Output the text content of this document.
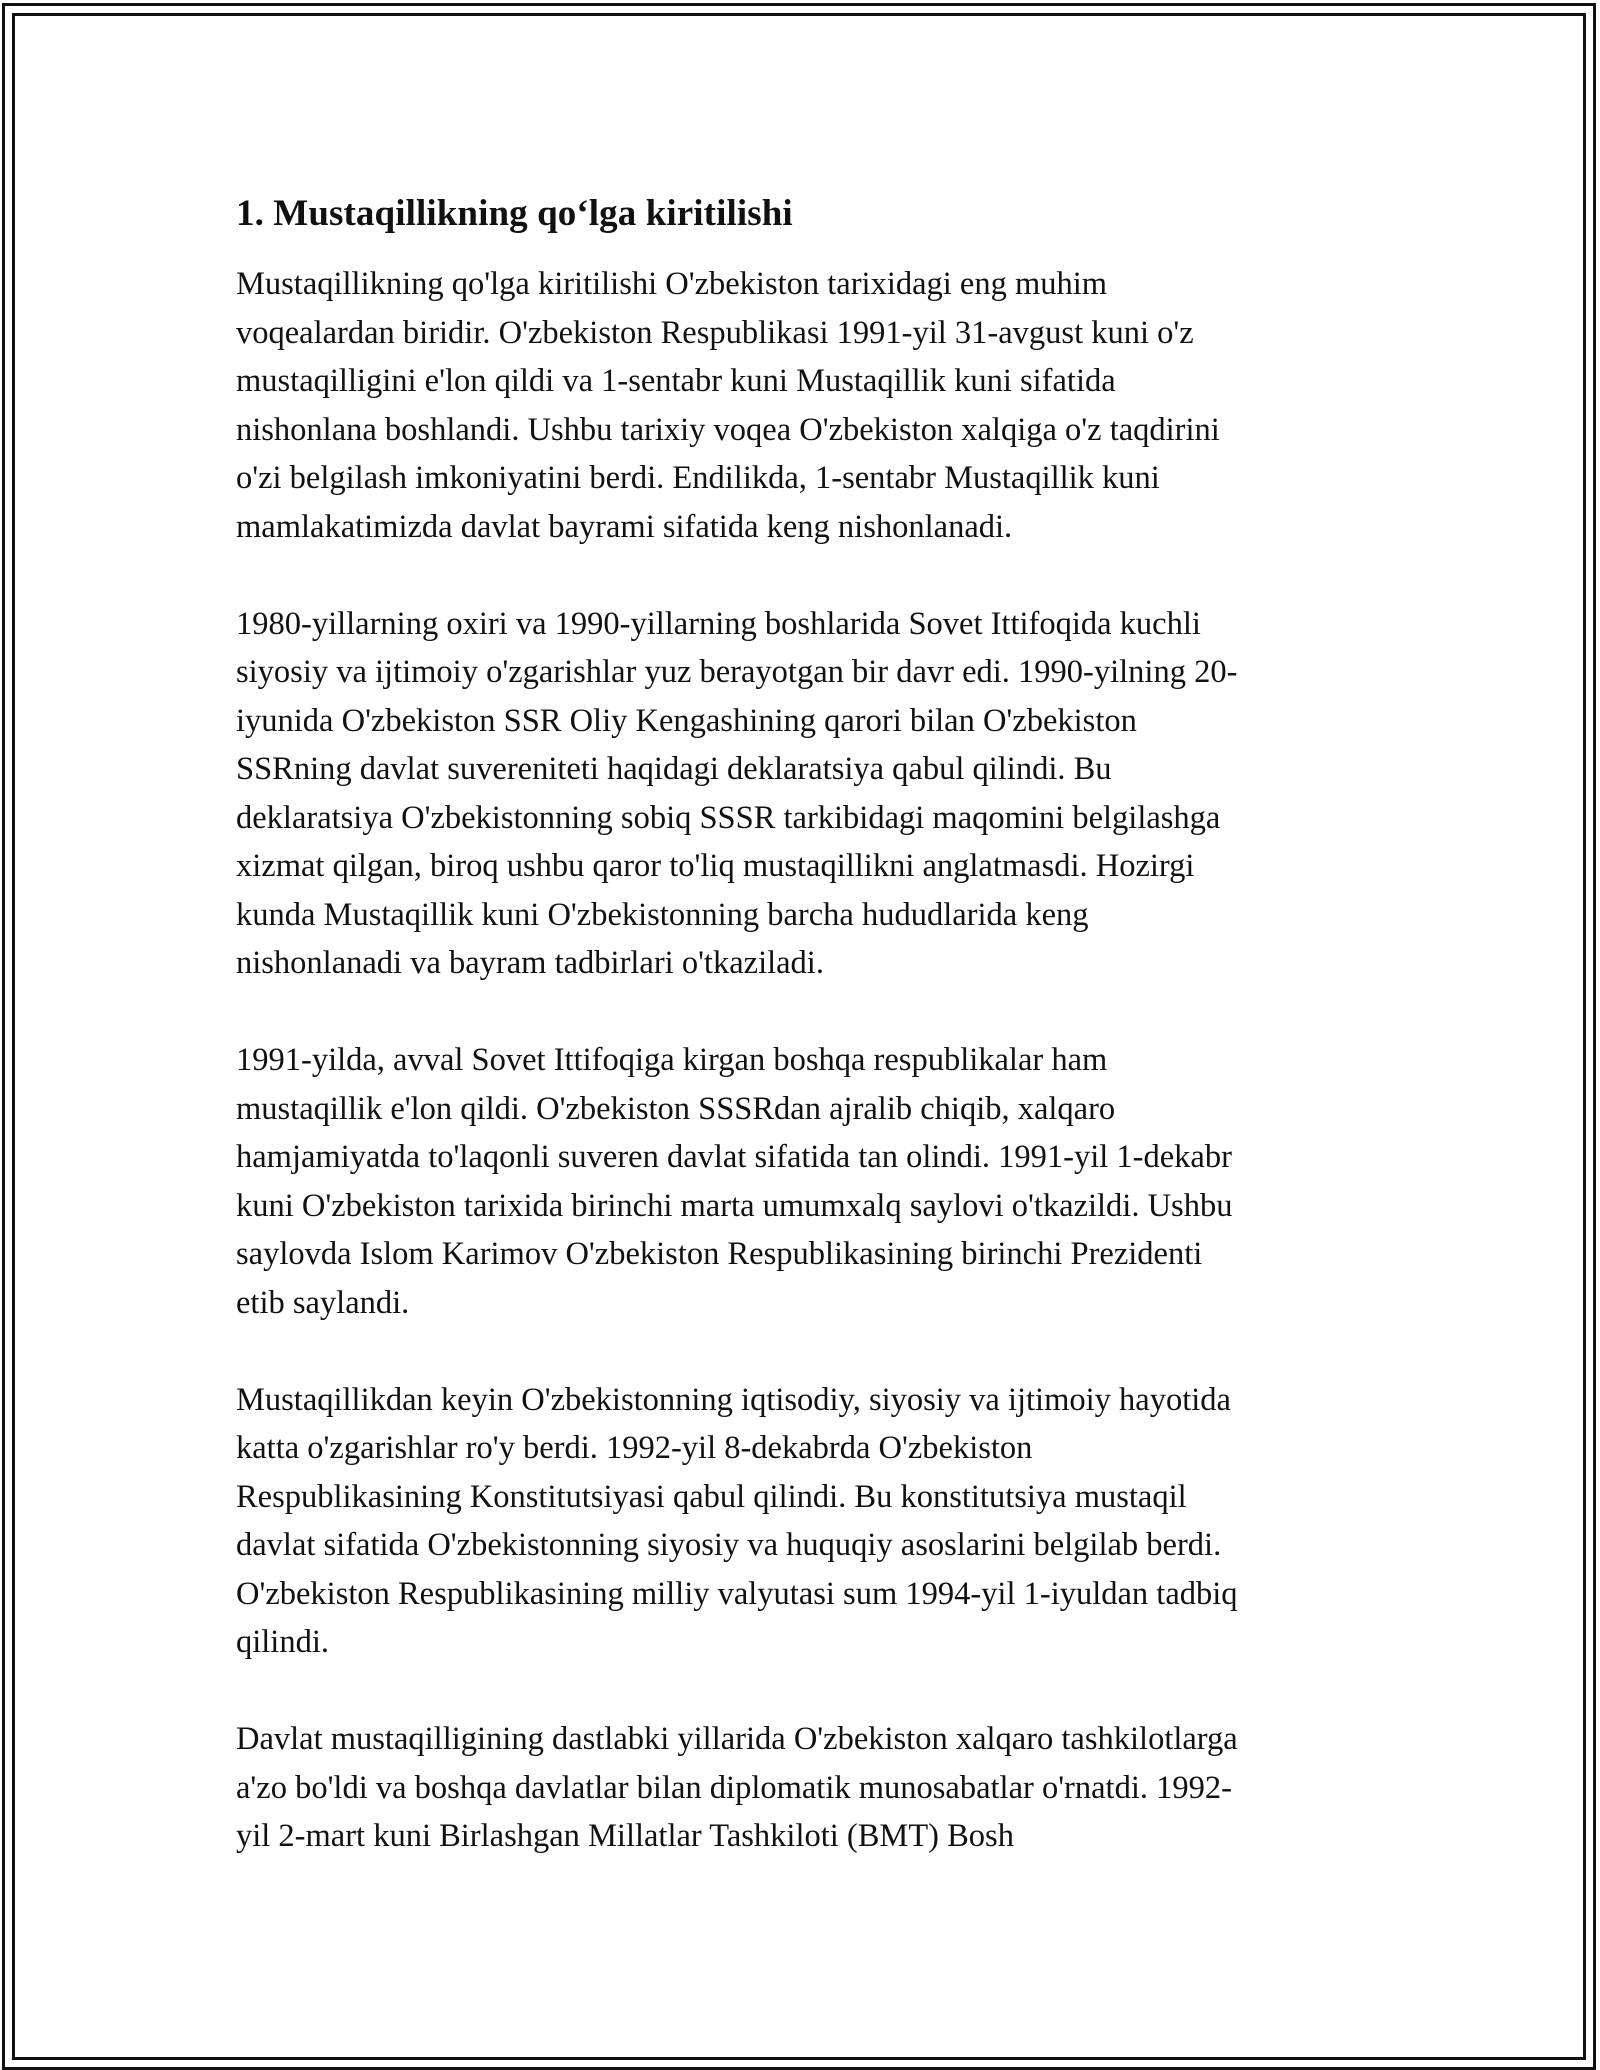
1. Mustaqillikning qo‘lga kiritilishi

Mustaqillikning qo'lga kiritilishi O'zbekiston tarixidagi eng muhim
voqealardan biridir. O'zbekiston Respublikasi 1991-yil 31-avgust kuni o'z
mustaqilligini e'lon qildi va 1-sentabr kuni Mustaqillik kuni sifatida
nishonlana boshlandi. Ushbu tarixiy voqea O'zbekiston xalqiga o'z taqdirini
o'zi belgilash imkoniyatini berdi. Endilikda, 1-sentabr Mustaqillik kuni
mamlakatimizda davlat bayrami sifatida keng nishonlanadi.

1980-yillarning oxiri va 1990-yillarning boshlarida Sovet Ittifoqida kuchli
siyosiy va ijtimoiy o'zgarishlar yuz berayotgan bir davr edi. 1990-yilning 20-
iyunida O'zbekiston SSR Oliy Kengashining qarori bilan O'zbekiston
SSRning davlat suvereniteti haqidagi deklaratsiya qabul qilindi. Bu
deklaratsiya O'zbekistonning sobiq SSSR tarkibidagi maqomini belgilashga
xizmat qilgan, biroq ushbu qaror to'liq mustaqillikni anglatmasdi. Hozirgi
kunda Mustaqillik kuni O'zbekistonning barcha hududlarida keng
nishonlanadi va bayram tadbirlari o'tkaziladi.

1991-yilda, avval Sovet Ittifoqiga kirgan boshqa respublikalar ham
mustaqillik e'lon qildi. O'zbekiston SSSRdan ajralib chiqib, xalqaro
hamjamiyatda to'laqonli suveren davlat sifatida tan olindi. 1991-yil 1-dekabr
kuni O'zbekiston tarixida birinchi marta umumxalq saylovi o'tkazildi. Ushbu
saylovda Islom Karimov O'zbekiston Respublikasining birinchi Prezidenti
etib saylandi.

Mustaqillikdan keyin O'zbekistonning iqtisodiy, siyosiy va ijtimoiy hayotida
katta o'zgarishlar ro'y berdi. 1992-yil 8-dekabrda O'zbekiston
Respublikasining Konstitutsiyasi qabul qilindi. Bu konstitutsiya mustaqil
davlat sifatida O'zbekistonning siyosiy va huquqiy asoslarini belgilab berdi.
O'zbekiston Respublikasining milliy valyutasi sum 1994-yil 1-iyuldan tadbiq
qilindi.

Davlat mustaqilligining dastlabki yillarida O'zbekiston xalqaro tashkilotlarga
a'zo bo'ldi va boshqa davlatlar bilan diplomatik munosabatlar o'rnatdi. 1992-
yil 2-mart kuni Birlashgan Millatlar Tashkiloti (BMT) Bosh
